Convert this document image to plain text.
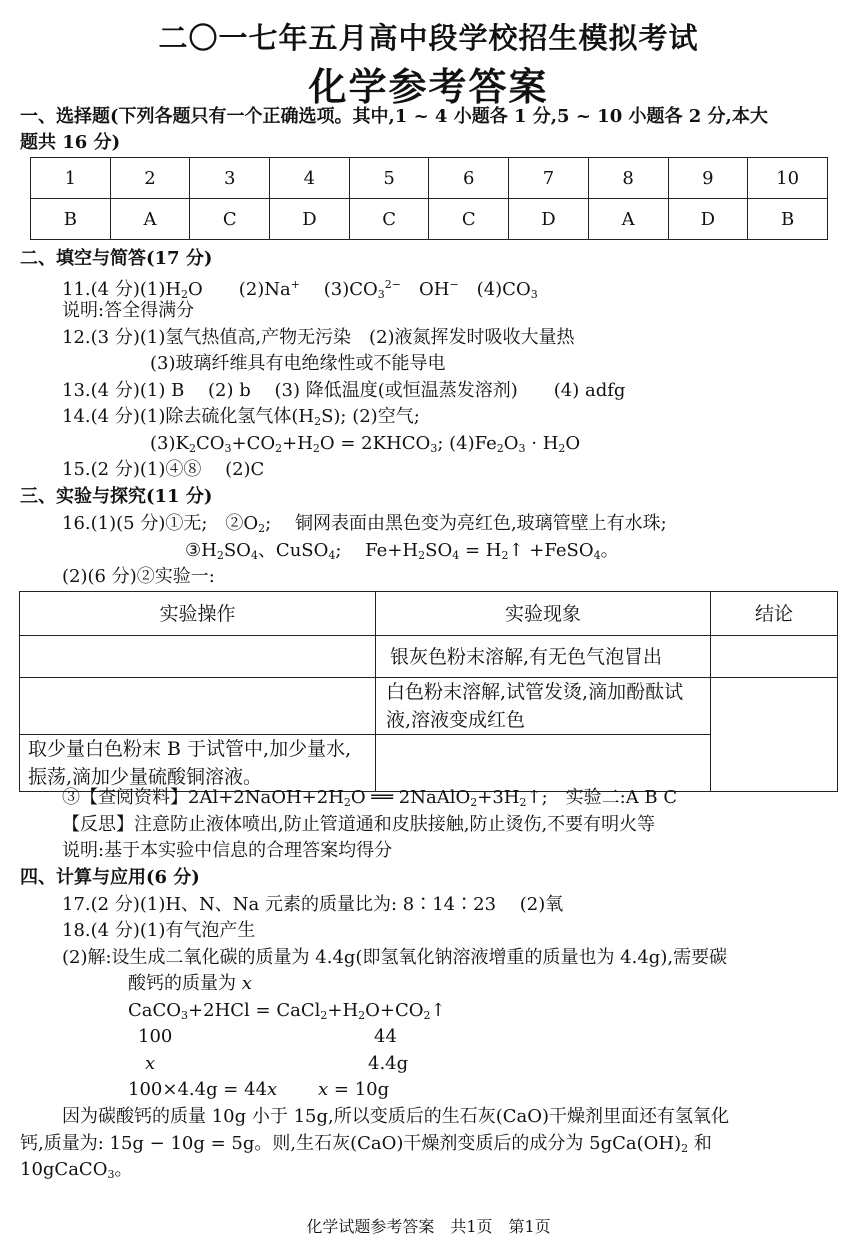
二〇一七年五月高中段学校招生模拟考试
化学参考答案
一、选择题(下列各题只有一个正确选项。其中,1 ~ 4 小题各 1 分,5 ~ 10 小题各 2 分,本大
题共 16 分)
1	2	3	4	5	6	7	8	9	10
B	A	C	D	C	C	D	A	D	B
二、填空与简答(17 分)
11.(4 分)$(1)H_2O$　　(2)Na+　 $(3)CO_3^{2-}$　OH−　$(4)CO_3$
说明:答全得满分
12.(3 分)(1)氢气热值高,产物无污染　(2)液氮挥发时吸收大量热
(3)玻璃纤维具有电绝缘性或不能导电
13.(4 分)(1) B　 (2) b　 (3) 降低温度(或恒温蒸发溶剂)　　(4) adfg
14.(4 分)(1)除去硫化氢气体$(H_2S)$; (2)空气;
$(3)K_2CO_3+CO_2+H_2O$ = $2KHCO_3$; $(4)Fe_2O_3 \cdot H_2O$
15.(2 分)(1)④⑧　 (2)C
三、实验与探究(11 分)
16.(1)(5 分)①无;　$②O_2$;　 铜网表面由黑色变为亮红色,玻璃管壁上有水珠;
$③H_2SO_4$、CuSO$_4$;　 $Fe+H_2SO_4$ = $H_2↑$ +FeSO$_4$。
(2)(6 分)②实验一:
实验操作	实验现象	结论
	银灰色粉末溶解,有无色气泡冒出	
	白色粉末溶解,试管发烫,滴加酚酞试液,溶液变成红色	
取少量白色粉末 B 于试管中,加少量水,振荡,滴加少量硫酸铜溶液。		
③【查阅资料】$2Al+2NaOH+2H_2O$ ══ $2NaAlO_2+3H_2↑$;　实验二:A B C
【反思】注意防止液体喷出,防止管道通和皮肤接触,防止烫伤,不要有明火等
说明:基于本实验中信息的合理答案均得分
四、计算与应用(6 分)
17.(2 分)(1)H、N、Na 元素的质量比为: 8∶14∶23　 (2)氧
18.(4 分)(1)有气泡产生
(2)解:设生成二氧化碳的质量为 4.4g(即氢氧化钠溶液增重的质量也为 4.4g),需要碳
酸钙的质量为 x
CaCO$_3$+2HCl = $CaCl_2+H_2O+CO_2↑$
100	44
x	4.4g
100×4.4g = 44x x = 10g
因为碳酸钙的质量 10g 小于 15g,所以变质后的生石灰(CaO)干燥剂里面还有氢氧化
钙,质量为: 15g − 10g = 5g。则,生石灰(CaO)干燥剂变质后的成分为 $5gCa(OH)_2$ 和
10gCaCO$_3$。
化学试题参考答案　共1页　第1页
